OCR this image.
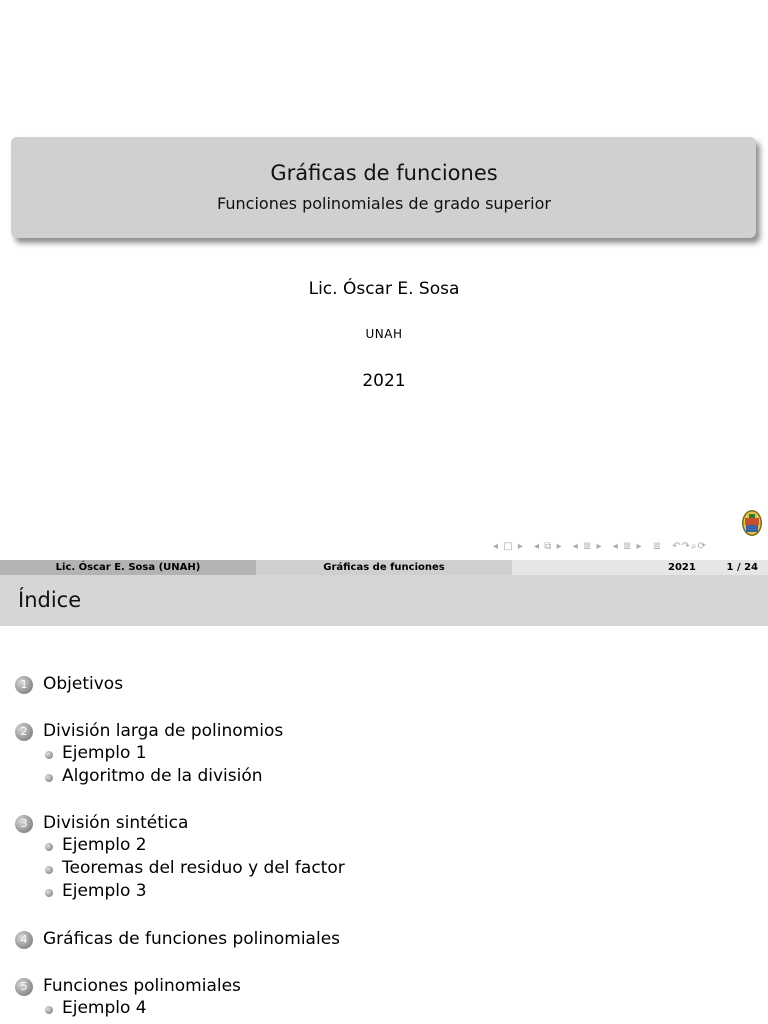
Gráficas de funciones
Funciones polinomiales de grado superior
Lic. Óscar E. Sosa
UNAH
2021
◂ □ ▸ ◂ ⧉ ▸ ◂ ≣ ▸ ◂ ≣ ▸ ≣ ↶↷⌕⟳
Lic. Óscar E. Sosa (UNAH)	Gráficas de funciones	2021	1 / 24
Índice
1 Objetivos
2 División larga de polinomios
Ejemplo 1
Algoritmo de la división
3 División sintética
Ejemplo 2
Teoremas del residuo y del factor
Ejemplo 3
4 Gráficas de funciones polinomiales
5 Funciones polinomiales
Ejemplo 4
